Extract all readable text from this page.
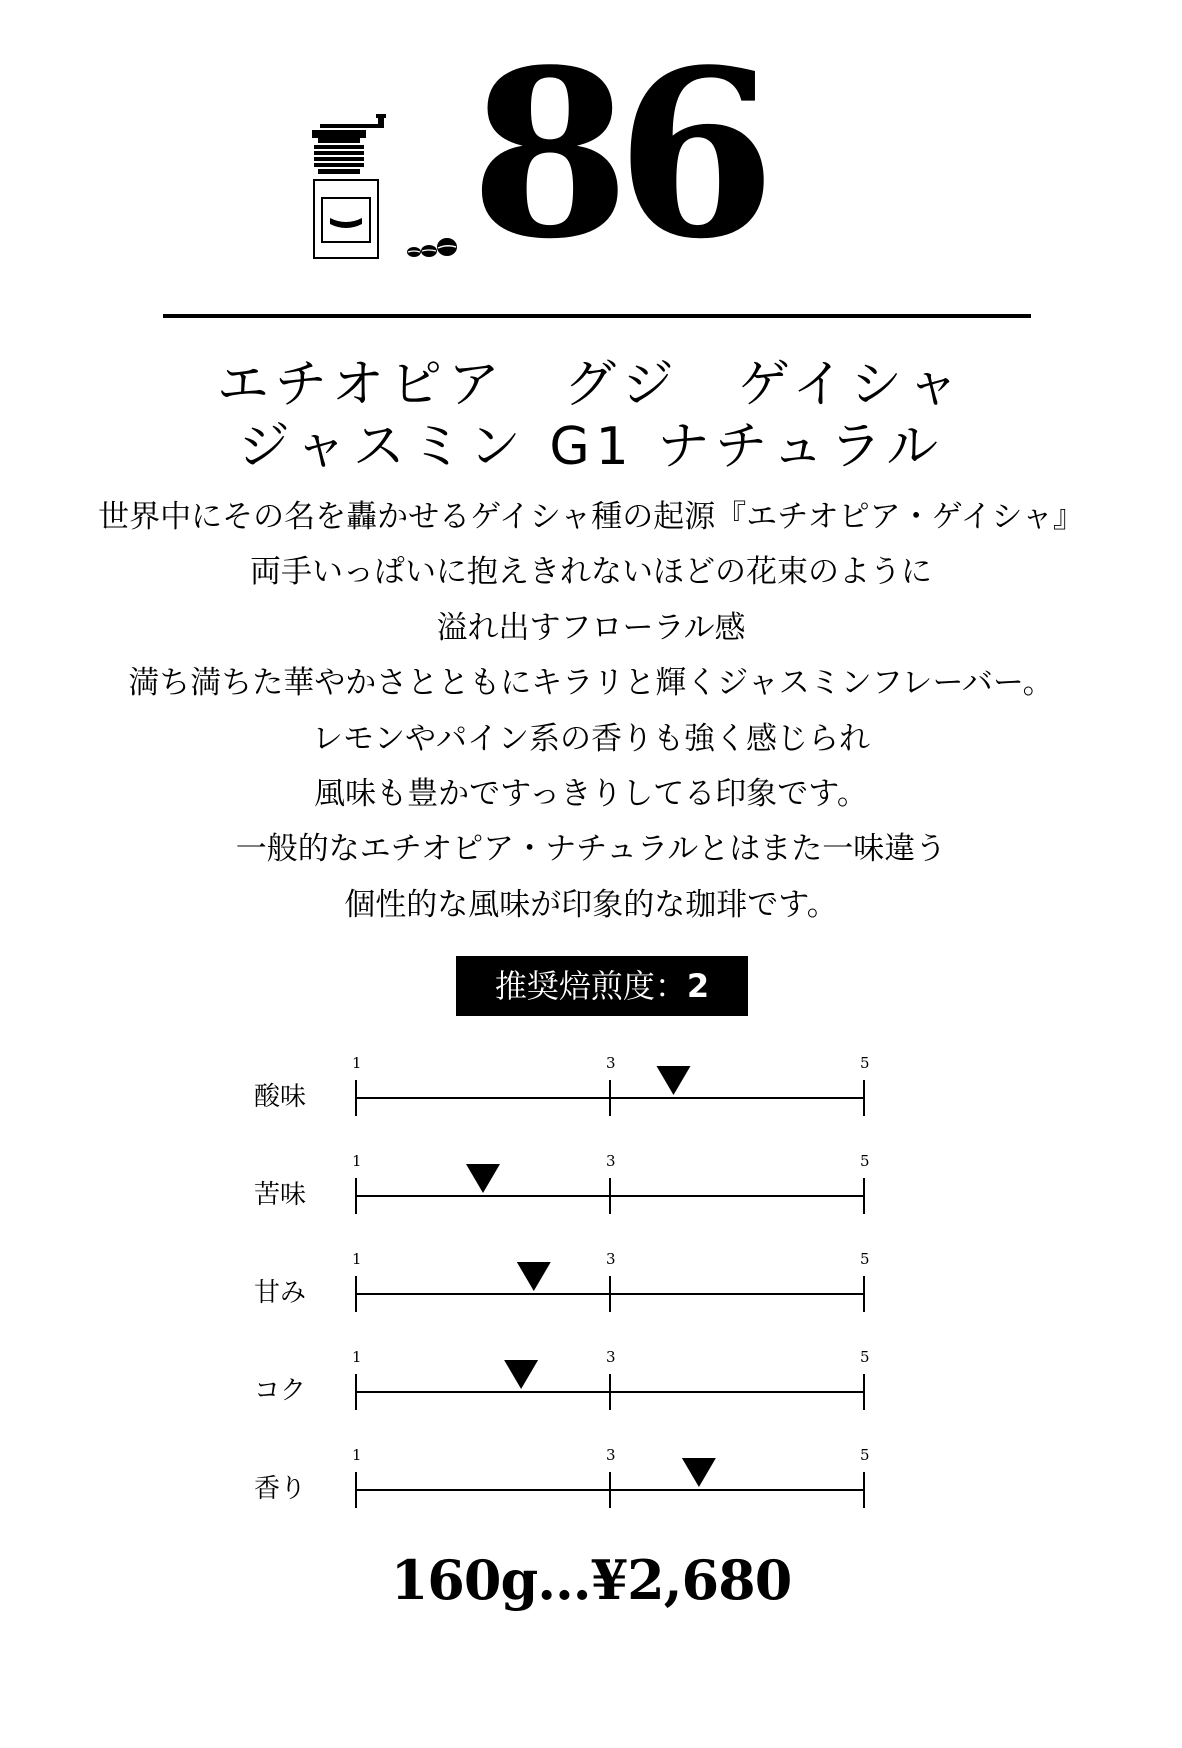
86
エチオピア　グジ　ゲイシャ
ジャスミン G1 ナチュラル
世界中にその名を轟かせるゲイシャ種の起源『エチオピア・ゲイシャ』
両手いっぱいに抱えきれないほどの花束のように
溢れ出すフローラル感
満ち満ちた華やかさとともにキラリと輝くジャスミンフレーバー。
レモンやパイン系の香りも強く感じられ
風味も豊かですっきりしてる印象です。
一般的なエチオピア・ナチュラルとはまた一味違う
個性的な風味が印象的な珈琲です。
推奨焙煎度：2
酸味
1	3	5
苦味
1	3	5
甘み
1	3	5
コク
1	3	5
香り
1	3	5
160g...¥2,680
